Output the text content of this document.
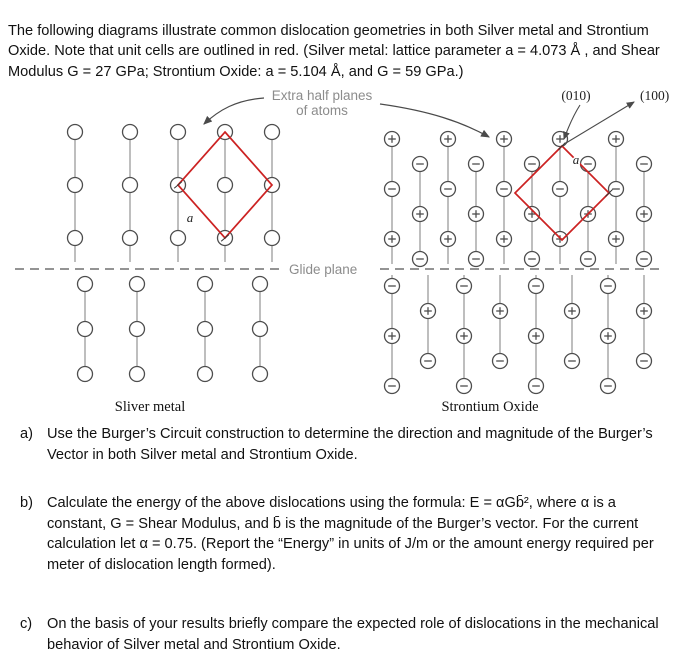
The following diagrams illustrate common dislocation geometries in both Silver metal and Strontium Oxide. Note that unit cells are outlined in red. (Silver metal: lattice parameter a = 4.073 Å , and Shear Modulus G = 27 GPa; Strontium Oxide: a = 5.104 Å, and G = 59 GPa.)

a
a
Extra half planes
of atoms
Glide plane
(010)	(100)
Sliver metal	Strontium Oxide
a) Use the Burger’s Circuit construction to determine the direction and magnitude of the Burger’s Vector in both Silver metal and Strontium Oxide.
b) Calculate the energy of the above dislocations using the formula: E = αGb̄², where α is a constant, G = Shear Modulus, and b̄ is the magnitude of the Burger’s vector. For the current calculation let α = 0.75. (Report the “Energy” in units of J/m or the amount energy required per meter of dislocation length formed).
c)	On the basis of your results briefly compare the expected role of dislocations in the mechanical behavior of Silver metal and Strontium Oxide.
